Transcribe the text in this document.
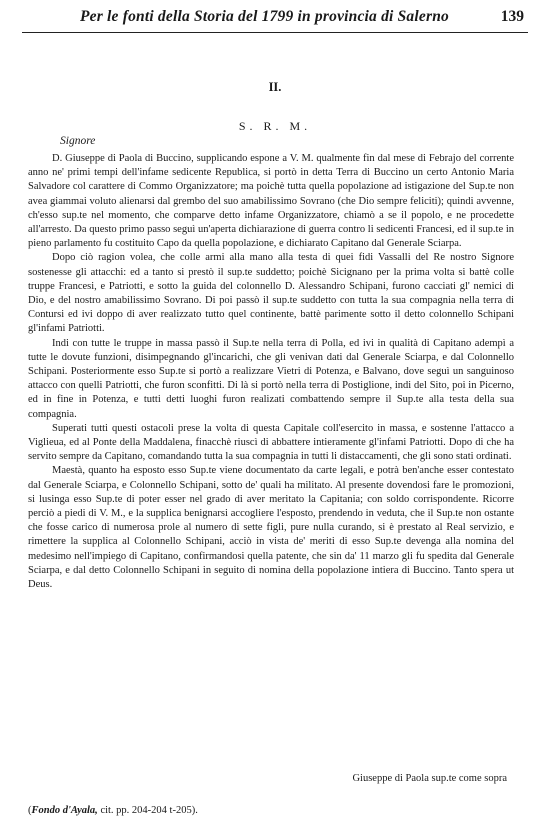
Per le fonti della Storia del 1799 in provincia di Salerno	139
II.
S. R. M.
Signore

D. Giuseppe di Paola di Buccino, supplicando espone a V. M. qualmente fin dal mese di Febrajo del corrente anno ne' primi tempi dell'infame sedicente Republica, si portò in detta Terra di Buccino un certo Antonio Maria Salvadore col carattere di Commo Organizzatore; ma poichè tutta quella popolazione ad istigazione del Sup.te non avea giammai voluto alienarsi dal grembo del suo amabilissimo Sovrano (che Dio sempre feliciti); quindi avvenne, ch'esso sup.te nel momento, che comparve detto infame Organizzatore, chiamò a se il popolo, e ne procedette all'arresto. Da questo primo passo seguì un'aperta dichiarazione di guerra contro li sedicenti Francesi, ed il sup.te in pieno parlamento fu costituito Capo da quella popolazione, e dichiarato Capitano dal Generale Sciarpa.

Dopo ciò ragion volea, che colle armi alla mano alla testa di quei fidi Vassalli del Re nostro Signore sostenesse gli attacchi: ed a tanto si prestò il sup.te suddetto; poichè Sicignano per la prima volta si battè colle truppe Francesi, e Patriotti, e sotto la guida del colonnello D. Alessandro Schipani, furono cacciati gl' nemici di Dio, e del nostro amabilissimo Sovrano. Di poi passò il sup.te suddetto con tutta la sua compagnia nella terra di Contursi ed ivi doppo di aver realizzato tutto quel continente, battè parimente sotto il detto colonnello Schipani gl'infami Patriotti.

Indi con tutte le truppe in massa passò il Sup.te nella terra di Polla, ed ivi in qualità di Capitano adempì a tutte le dovute funzioni, disimpegnando gl'incarichi, che gli venivan dati dal Generale Sciarpa, e dal Colonnello Schipani. Posteriormente esso Sup.te si portò a realizzare Vietri di Potenza, e Balvano, dove seguì un sanguinoso attacco con quelli Patriotti, che furon sconfitti. Di là si portò nella terra di Postiglione, indi del Sito, poi in Picerno, ed in fine in Potenza, e tutti detti luoghi furon realizati combattendo sempre il Sup.te alla testa della sua compagnia.

Superati tutti questi ostacoli prese la volta di questa Capitale coll'esercito in massa, e sostenne l'attacco a Viglieua, ed al Ponte della Maddalena, finacchè riuscì di abbattere intieramente gl'infami Patriotti. Dopo di che ha servito sempre da Capitano, comandando tutta la sua compagnia in tutti li distaccamenti, che gli sono stati ordinati.

Maestà, quanto ha esposto esso Sup.te viene documentato da carte legali, e potrà ben'anche esser contestato dal Generale Sciarpa, e Colonnello Schipani, sotto de' quali ha militato. Al presente dovendosi fare le promozioni, si lusinga esso Sup.te di poter esser nel grado di aver meritato la Capitania; con soldo corrispondente. Ricorre perciò a piedi di V. M., e la supplica benignarsi accogliere l'esposto, prendendo in veduta, che il Sup.te non ostante che fosse carico di numerosa prole al numero di sette figli, pure nulla curando, si è prestato al Real servizio, e rimettere la supplica al Colonnello Schipani, acciò in vista de' meriti di esso Sup.te devenga alla nomina del medesimo nell'impiego di Capitano, confirmandosi quella patente, che sin da' 11 marzo gli fu spedita dal Generale Sciarpa, e dal detto Colonnello Schipani in seguito di nomina della popolazione intiera di Buccino. Tanto spera ut Deus.

Giuseppe di Paola sup.te come sopra
(Fondo d'Ayala, cit. pp. 204-204 t-205).
